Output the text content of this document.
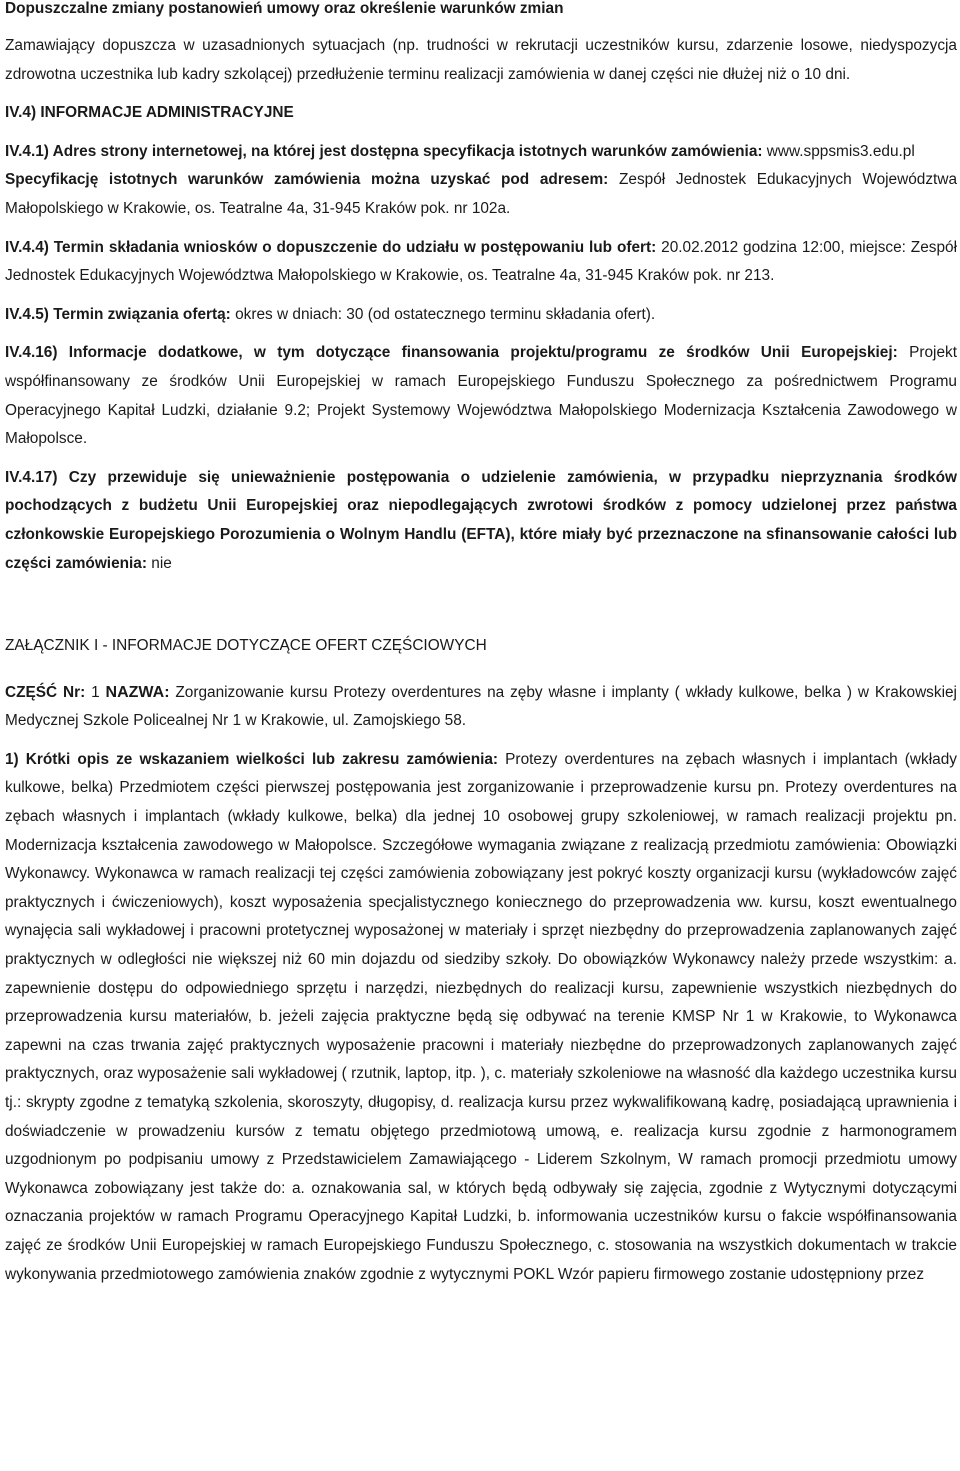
Dopuszczalne zmiany postanowień umowy oraz określenie warunków zmian

Zamawiający dopuszcza w uzasadnionych sytuacjach (np. trudności w rekrutacji uczestników kursu, zdarzenie losowe, niedyspozycja zdrowotna uczestnika lub kadry szkolącej) przedłużenie terminu realizacji zamówienia w danej części nie dłużej niż o 10 dni.

IV.4) INFORMACJE ADMINISTRACYJNE

IV.4.1) Adres strony internetowej, na której jest dostępna specyfikacja istotnych warunków zamówienia: www.sppsmis3.edu.pl

Specyfikację istotnych warunków zamówienia można uzyskać pod adresem: Zespół Jednostek Edukacyjnych Województwa Małopolskiego w Krakowie, os. Teatralne 4a, 31-945 Kraków pok. nr 102a.

IV.4.4) Termin składania wniosków o dopuszczenie do udziału w postępowaniu lub ofert: 20.02.2012 godzina 12:00, miejsce: Zespół Jednostek Edukacyjnych Województwa Małopolskiego w Krakowie, os. Teatralne 4a, 31-945 Kraków pok. nr 213.

IV.4.5) Termin związania ofertą: okres w dniach: 30 (od ostatecznego terminu składania ofert).

IV.4.16) Informacje dodatkowe, w tym dotyczące finansowania projektu/programu ze środków Unii Europejskiej: Projekt współfinansowany ze środków Unii Europejskiej w ramach Europejskiego Funduszu Społecznego za pośrednictwem Programu Operacyjnego Kapitał Ludzki, działanie 9.2; Projekt Systemowy Województwa Małopolskiego Modernizacja Kształcenia Zawodowego w Małopolsce.

IV.4.17) Czy przewiduje się unieważnienie postępowania o udzielenie zamówienia, w przypadku nieprzyznania środków pochodzących z budżetu Unii Europejskiej oraz niepodlegających zwrotowi środków z pomocy udzielonej przez państwa członkowskie Europejskiego Porozumienia o Wolnym Handlu (EFTA), które miały być przeznaczone na sfinansowanie całości lub części zamówienia: nie

ZAŁĄCZNIK I - INFORMACJE DOTYCZĄCE OFERT CZĘŚCIOWYCH

CZĘŚĆ Nr: 1 NAZWA: Zorganizowanie kursu Protezy overdentures na zęby własne i implanty ( wkłady kulkowe, belka ) w Krakowskiej Medycznej Szkole Policealnej Nr 1 w Krakowie, ul. Zamojskiego 58.

1) Krótki opis ze wskazaniem wielkości lub zakresu zamówienia: Protezy overdentures na zębach własnych i implantach (wkłady kulkowe, belka) Przedmiotem części pierwszej postępowania jest zorganizowanie i przeprowadzenie kursu pn. Protezy overdentures na zębach własnych i implantach (wkłady kulkowe, belka) dla jednej 10 osobowej grupy szkoleniowej, w ramach realizacji projektu pn. Modernizacja kształcenia zawodowego w Małopolsce. Szczegółowe wymagania związane z realizacją przedmiotu zamówienia: Obowiązki Wykonawcy. Wykonawca w ramach realizacji tej części zamówienia zobowiązany jest pokryć koszty organizacji kursu (wykładowców zajęć praktycznych i ćwiczeniowych), koszt wyposażenia specjalistycznego koniecznego do przeprowadzenia ww. kursu, koszt ewentualnego wynajęcia sali wykładowej i pracowni protetycznej wyposażonej w materiały i sprzęt niezbędny do przeprowadzenia zaplanowanych zajęć praktycznych w odległości nie większej niż 60 min dojazdu od siedziby szkoły. Do obowiązków Wykonawcy należy przede wszystkim: a. zapewnienie dostępu do odpowiedniego sprzętu i narzędzi, niezbędnych do realizacji kursu, zapewnienie wszystkich niezbędnych do przeprowadzenia kursu materiałów, b. jeżeli zajęcia praktyczne będą się odbywać na terenie KMSP Nr 1 w Krakowie, to Wykonawca zapewni na czas trwania zajęć praktycznych wyposażenie pracowni i materiały niezbędne do przeprowadzonych zaplanowanych zajęć praktycznych, oraz wyposażenie sali wykładowej ( rzutnik, laptop, itp. ), c. materiały szkoleniowe na własność dla każdego uczestnika kursu tj.: skrypty zgodne z tematyką szkolenia, skoroszyty, długopisy, d. realizacja kursu przez wykwalifikowaną kadrę, posiadającą uprawnienia i doświadczenie w prowadzeniu kursów z tematu objętego przedmiotową umową, e. realizacja kursu zgodnie z harmonogramem uzgodnionym po podpisaniu umowy z Przedstawicielem Zamawiającego - Liderem Szkolnym, W ramach promocji przedmiotu umowy Wykonawca zobowiązany jest także do: a. oznakowania sal, w których będą odbywały się zajęcia, zgodnie z Wytycznymi dotyczącymi oznaczania projektów w ramach Programu Operacyjnego Kapitał Ludzki, b. informowania uczestników kursu o fakcie współfinansowania zajęć ze środków Unii Europejskiej w ramach Europejskiego Funduszu Społecznego, c. stosowania na wszystkich dokumentach w trakcie wykonywania przedmiotowego zamówienia znaków zgodnie z wytycznymi POKL Wzór papieru firmowego zostanie udostępniony przez
